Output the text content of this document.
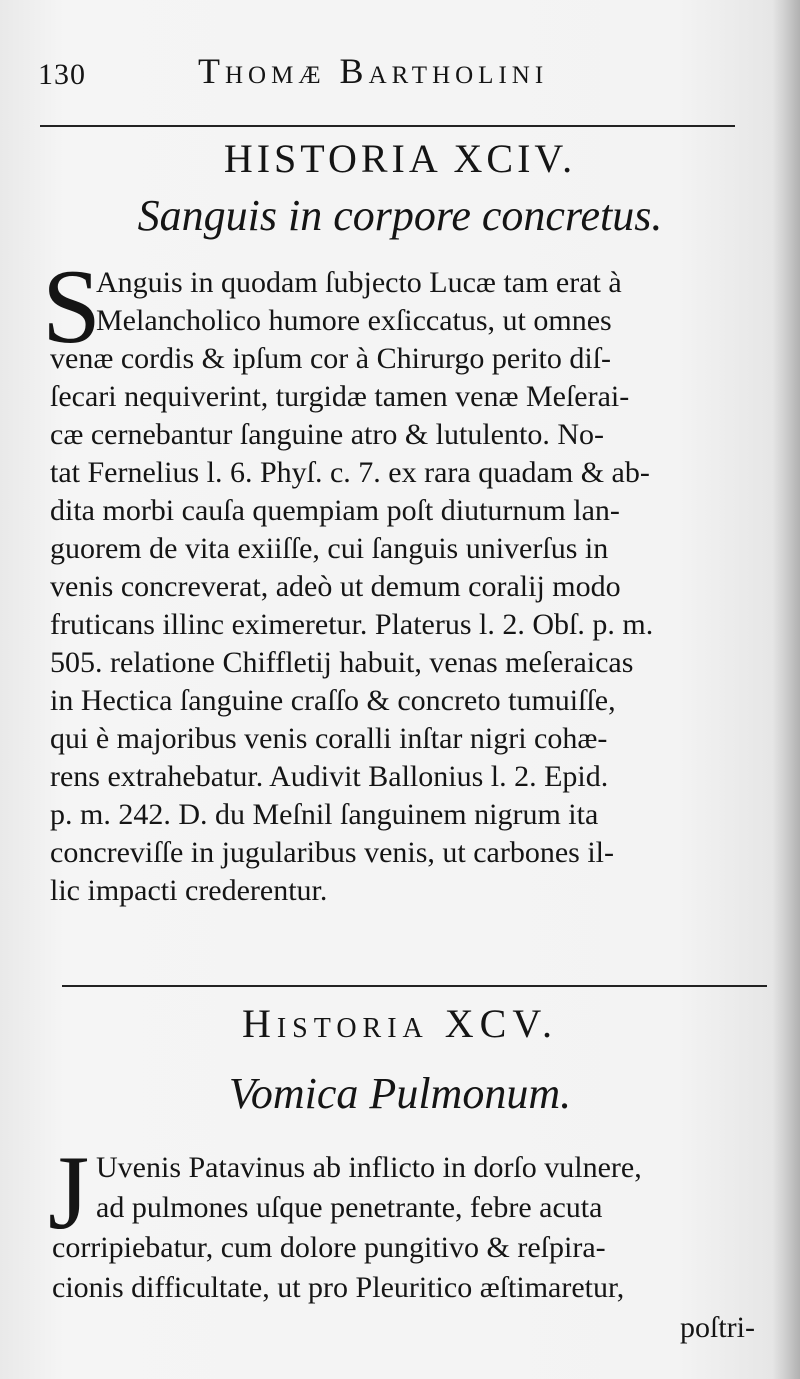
130	Thomæ Bartholini
HISTORIA XCIV.
Sanguis in corpore concretus.
S
Anguis in quodam ſubjecto Lucæ tam erat à
Melancholico humore exſiccatus, ut omnes
venæ cordis & ipſum cor à Chirurgo perito diſ-
ſecari nequiverint, turgidæ tamen venæ Meſerai-
cæ cernebantur ſanguine atro & lutulento. No-
tat Fernelius l. 6. Phyſ. c. 7. ex rara quadam & ab-
dita morbi cauſa quempiam poſt diuturnum lan-
guorem de vita exiiſſe, cui ſanguis univerſus in
venis concreverat, adeò ut demum coralij modo
fruticans illinc eximeretur. Platerus l. 2. Obſ. p. m.
505. relatione Chiffletij habuit, venas meſeraicas
in Hectica ſanguine craſſo & concreto tumuiſſe,
qui è majoribus venis coralli inſtar nigri cohæ-
rens extrahebatur. Audivit Ballonius l. 2. Epid.
p. m. 242. D. du Meſnil ſanguinem nigrum ita
concreviſſe in jugularibus venis, ut carbones il-
lic impacti crederentur.
Historia XCV.
Vomica Pulmonum.
J Uvenis Patavinus ab inflicto in dorſo vulnere,
ad pulmones uſque penetrante, febre acuta
corripiebatur, cum dolore pungitivo & reſpira-
cionis difficultate, ut pro Pleuritico æſtimaretur,
poſtri-
